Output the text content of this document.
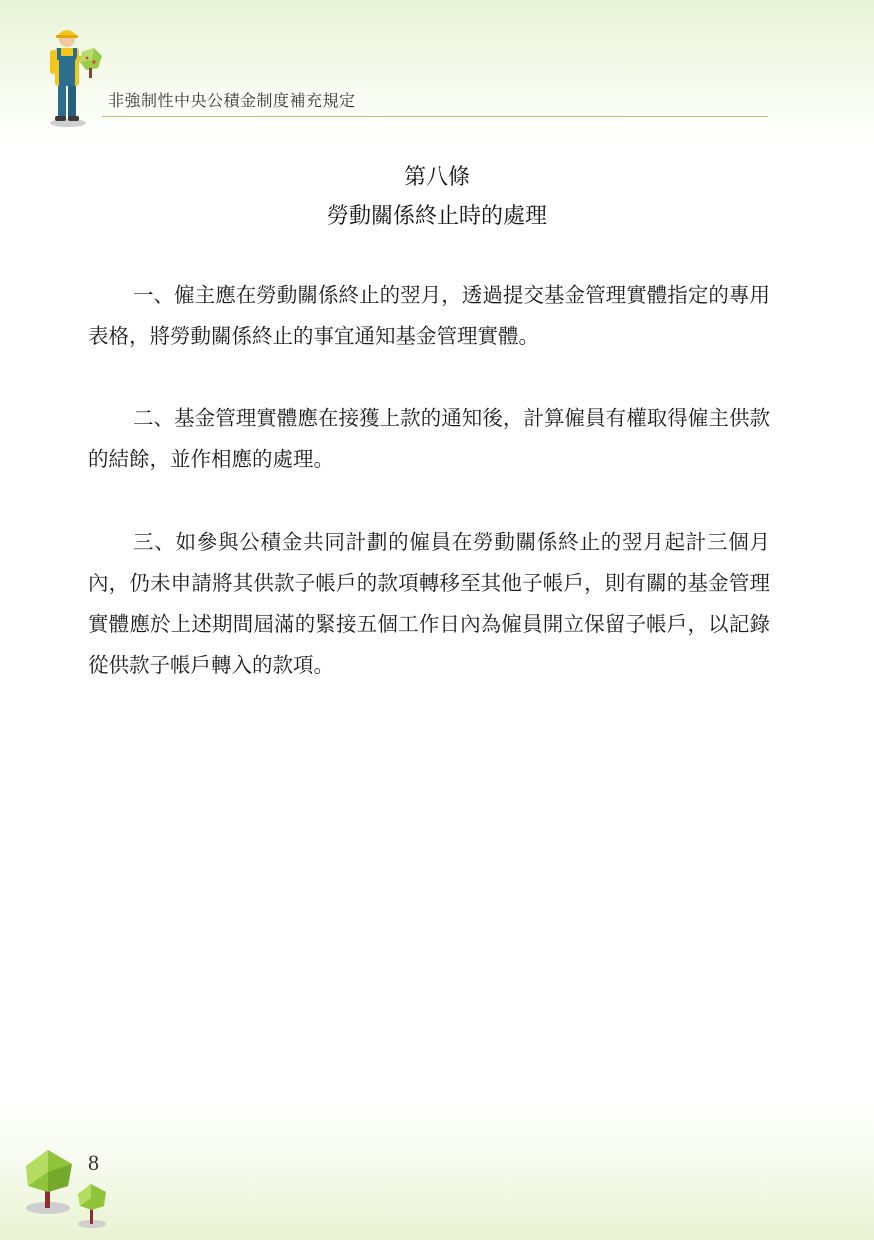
非強制性中央公積金制度補充規定
第八條
勞動關係終止時的處理

一、僱主應在勞動關係終止的翌月，透過提交基金管理實體指定的專用表格，將勞動關係終止的事宜通知基金管理實體。

二、基金管理實體應在接獲上款的通知後，計算僱員有權取得僱主供款的結餘，並作相應的處理。

三、如參與公積金共同計劃的僱員在勞動關係終止的翌月起計三個月內，仍未申請將其供款子帳戶的款項轉移至其他子帳戶，則有關的基金管理實體應於上述期間屆滿的緊接五個工作日內為僱員開立保留子帳戶，以記錄從供款子帳戶轉入的款項。

8
